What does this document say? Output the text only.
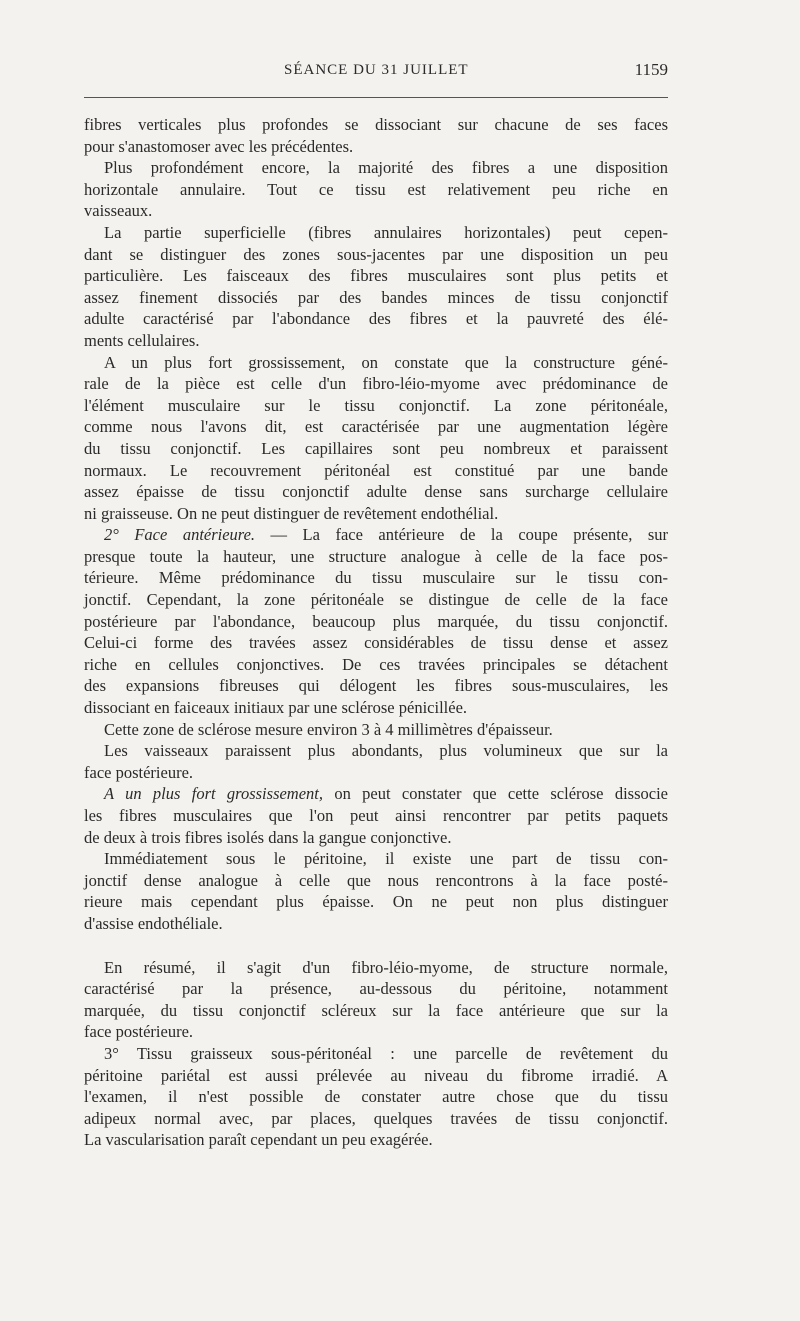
SÉANCE DU 31 JUILLET	1159
fibres verticales plus profondes se dissociant sur chacune de ses faces
pour s'anastomoser avec les précédentes.
Plus profondément encore, la majorité des fibres a une disposition
horizontale annulaire. Tout ce tissu est relativement peu riche en
vaisseaux.
La partie superficielle (fibres annulaires horizontales) peut cepen-
dant se distinguer des zones sous-jacentes par une disposition un peu
particulière. Les faisceaux des fibres musculaires sont plus petits et
assez finement dissociés par des bandes minces de tissu conjonctif
adulte caractérisé par l'abondance des fibres et la pauvreté des élé-
ments cellulaires.
A un plus fort grossissement, on constate que la constructure géné-
rale de la pièce est celle d'un fibro-léio-myome avec prédominance de
l'élément musculaire sur le tissu conjonctif. La zone péritonéale,
comme nous l'avons dit, est caractérisée par une augmentation légère
du tissu conjonctif. Les capillaires sont peu nombreux et paraissent
normaux. Le recouvrement péritonéal est constitué par une bande
assez épaisse de tissu conjonctif adulte dense sans surcharge cellulaire
ni graisseuse. On ne peut distinguer de revêtement endothélial.
2° Face antérieure. — La face antérieure de la coupe présente, sur
presque toute la hauteur, une structure analogue à celle de la face pos-
térieure. Même prédominance du tissu musculaire sur le tissu con-
jonctif. Cependant, la zone péritonéale se distingue de celle de la face
postérieure par l'abondance, beaucoup plus marquée, du tissu conjonctif.
Celui-ci forme des travées assez considérables de tissu dense et assez
riche en cellules conjonctives. De ces travées principales se détachent
des expansions fibreuses qui délogent les fibres sous-musculaires, les
dissociant en faiceaux initiaux par une sclérose pénicillée.
Cette zone de sclérose mesure environ 3 à 4 millimètres d'épaisseur.
Les vaisseaux paraissent plus abondants, plus volumineux que sur la
face postérieure.
A un plus fort grossissement, on peut constater que cette sclérose dissocie
les fibres musculaires que l'on peut ainsi rencontrer par petits paquets
de deux à trois fibres isolés dans la gangue conjonctive.
Immédiatement sous le péritoine, il existe une part de tissu con-
jonctif dense analogue à celle que nous rencontrons à la face posté-
rieure mais cependant plus épaisse. On ne peut non plus distinguer
d'assise endothéliale.
En résumé, il s'agit d'un fibro-léio-myome, de structure normale,
caractérisé par la présence, au-dessous du péritoine, notamment
marquée, du tissu conjonctif scléreux sur la face antérieure que sur la
face postérieure.
3° Tissu graisseux sous-péritonéal : une parcelle de revêtement du
péritoine pariétal est aussi prélevée au niveau du fibrome irradié. A
l'examen, il n'est possible de constater autre chose que du tissu
adipeux normal avec, par places, quelques travées de tissu conjonctif.
La vascularisation paraît cependant un peu exagérée.
